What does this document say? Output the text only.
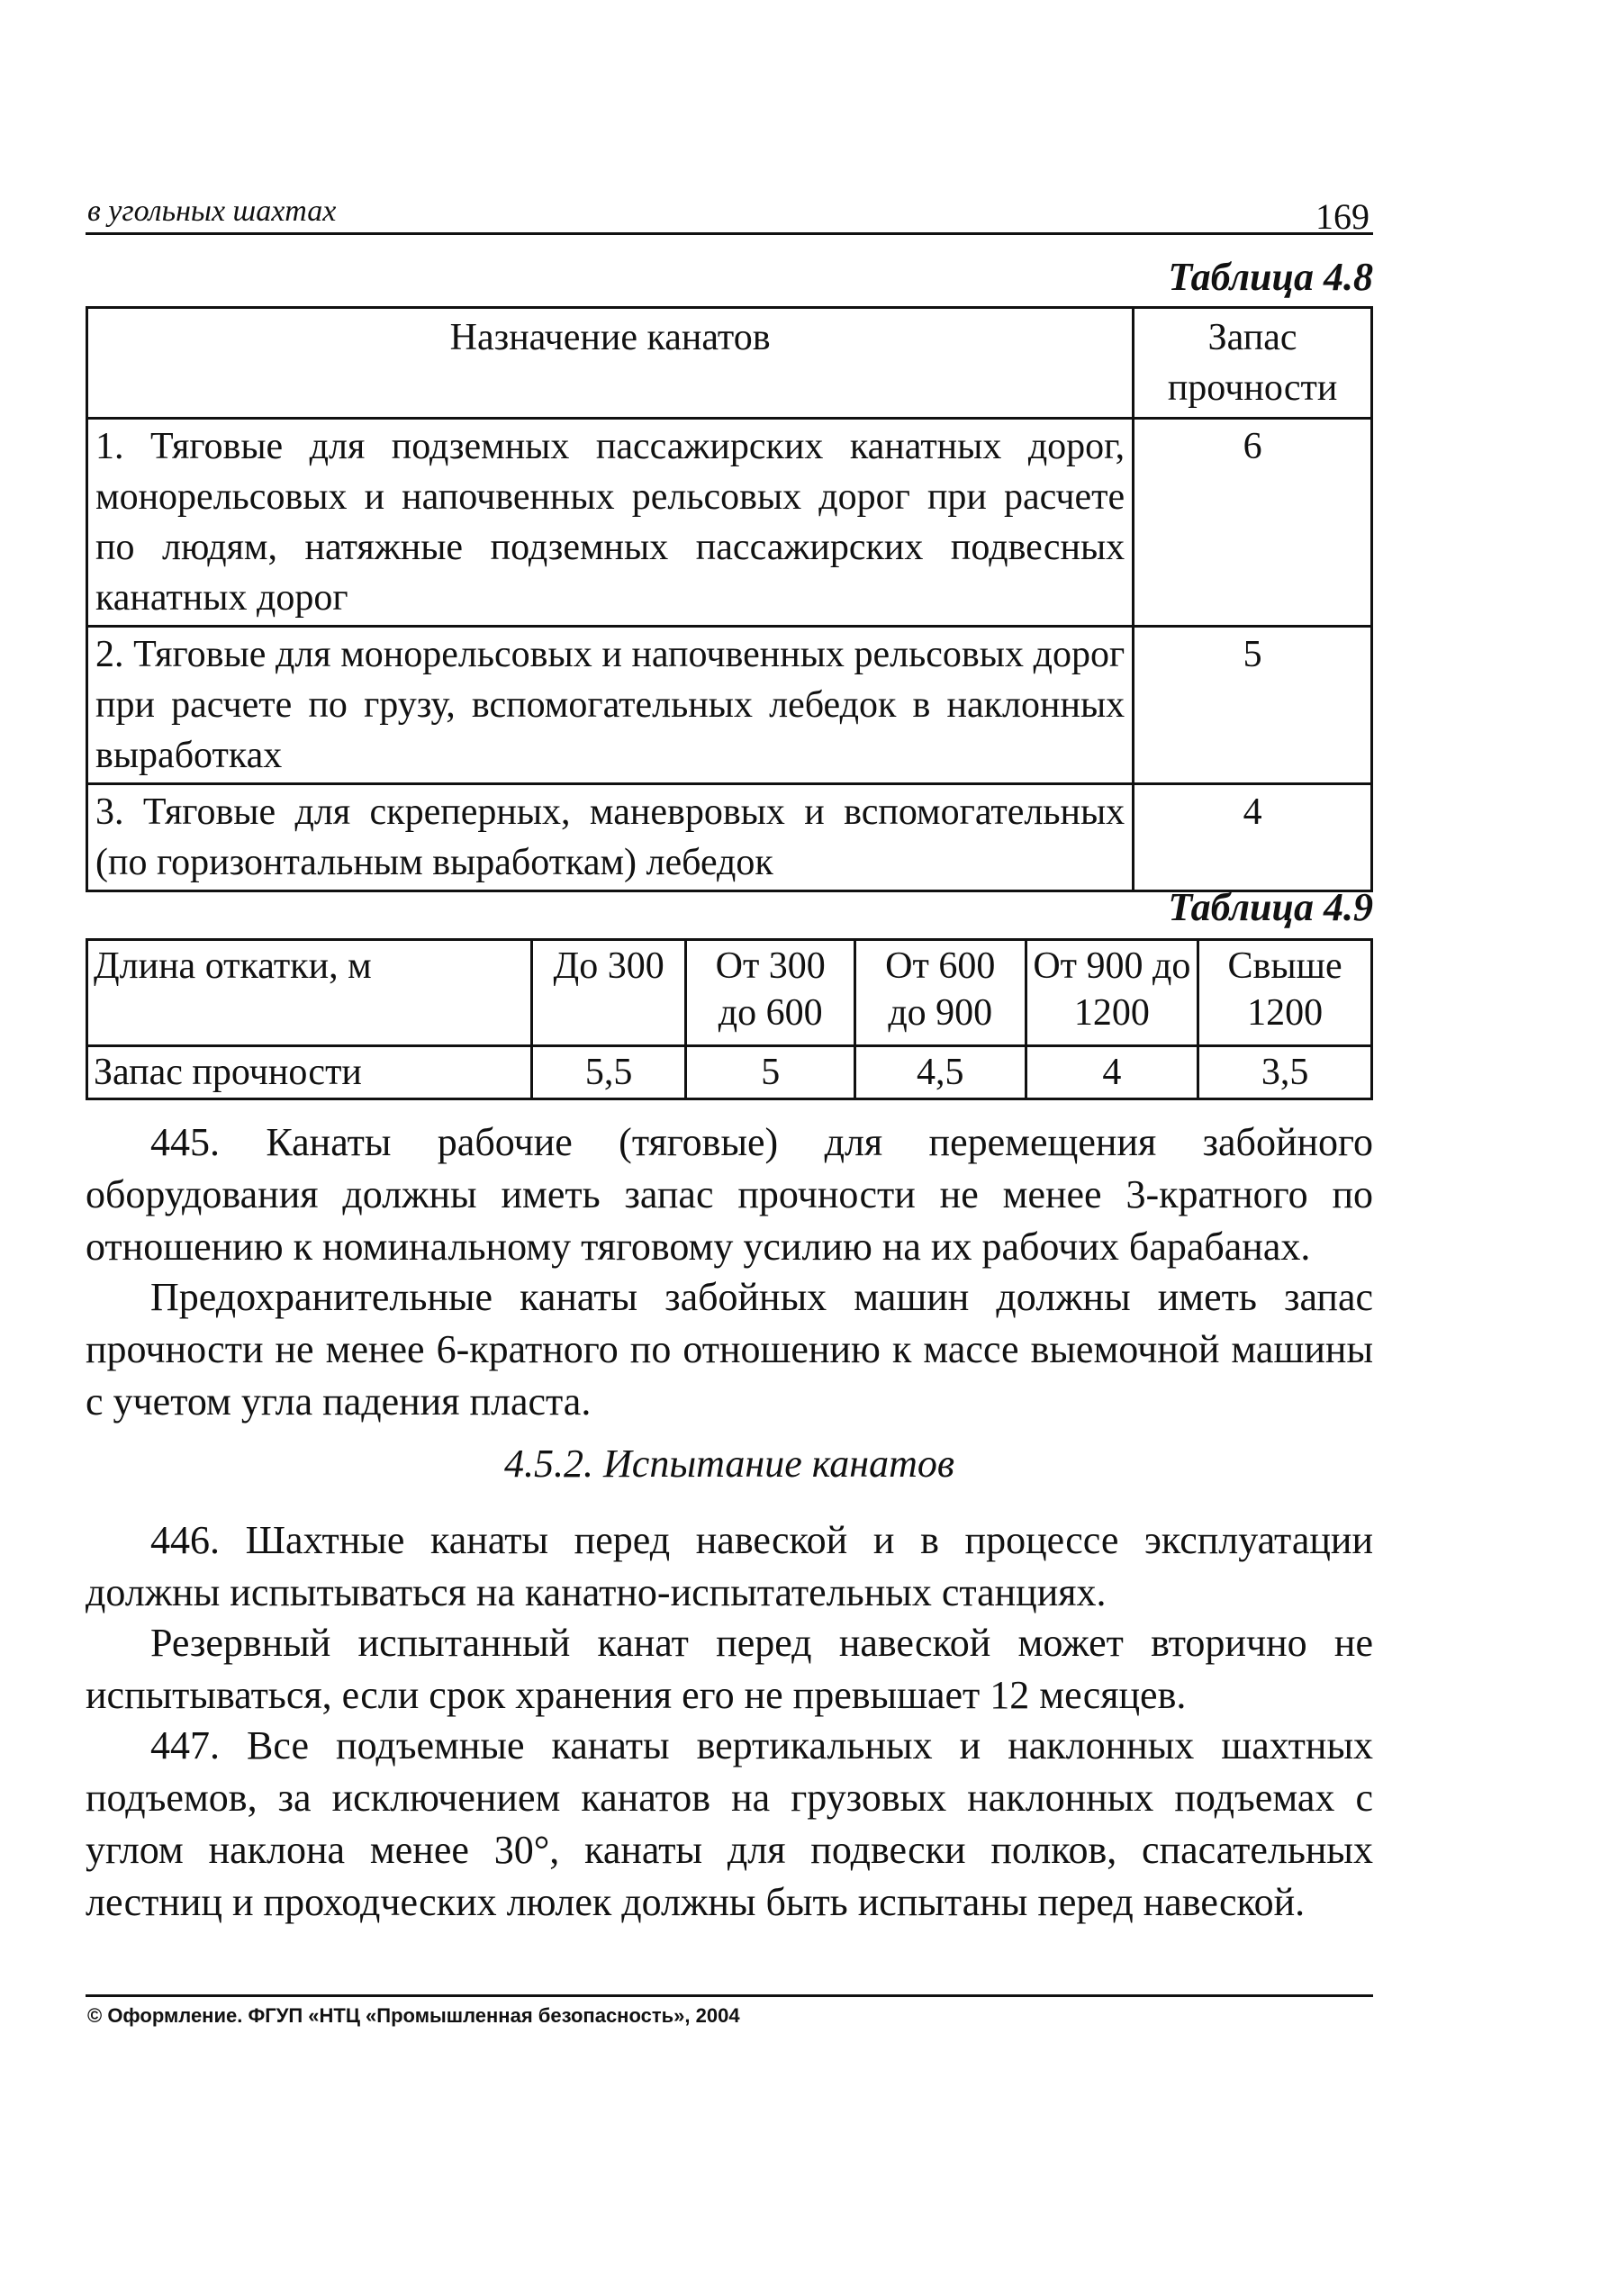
в угольных шахтах	169
Таблица 4.8
Назначение канатов	Запас прочности
1. Тяговые для подземных пассажирских канатных дорог, монорельсовых и напочвенных рельсовых дорог при расчете по людям, натяжные подземных пассажирских подвесных канатных дорог	6
2. Тяговые для монорельсовых и напочвенных рельсовых дорог при расчете по грузу, вспомогательных лебедок в наклонных выработках	5
3. Тяговые для скреперных, маневровых и вспомогательных (по горизонтальным выработкам) лебедок	4
Таблица 4.9
Длина откатки, м	До 300	От 300 до 600	От 600 до 900	От 900 до 1200	Свыше 1200
Запас прочности	5,5	5	4,5	4	3,5

445. Канаты рабочие (тяговые) для перемещения забойного оборудования должны иметь запас прочности не менее 3-кратного по отношению к номинальному тяговому усилию на их рабочих барабанах.

Предохранительные канаты забойных машин должны иметь запас прочности не менее 6-кратного по отношению к массе выемочной машины с учетом угла падения пласта.

4.5.2. Испытание канатов

446. Шахтные канаты перед навеской и в процессе эксплуатации должны испытываться на канатно-испытательных станциях.

Резервный испытанный канат перед навеской может вторично не испытываться, если срок хранения его не превышает 12 месяцев.

447. Все подъемные канаты вертикальных и наклонных шахтных подъемов, за исключением канатов на грузовых наклонных подъемах с углом наклона менее 30°, канаты для подвески полков, спасательных лестниц и проходческих люлек должны быть испытаны перед навеской.

© Оформление. ФГУП «НТЦ «Промышленная безопасность», 2004
